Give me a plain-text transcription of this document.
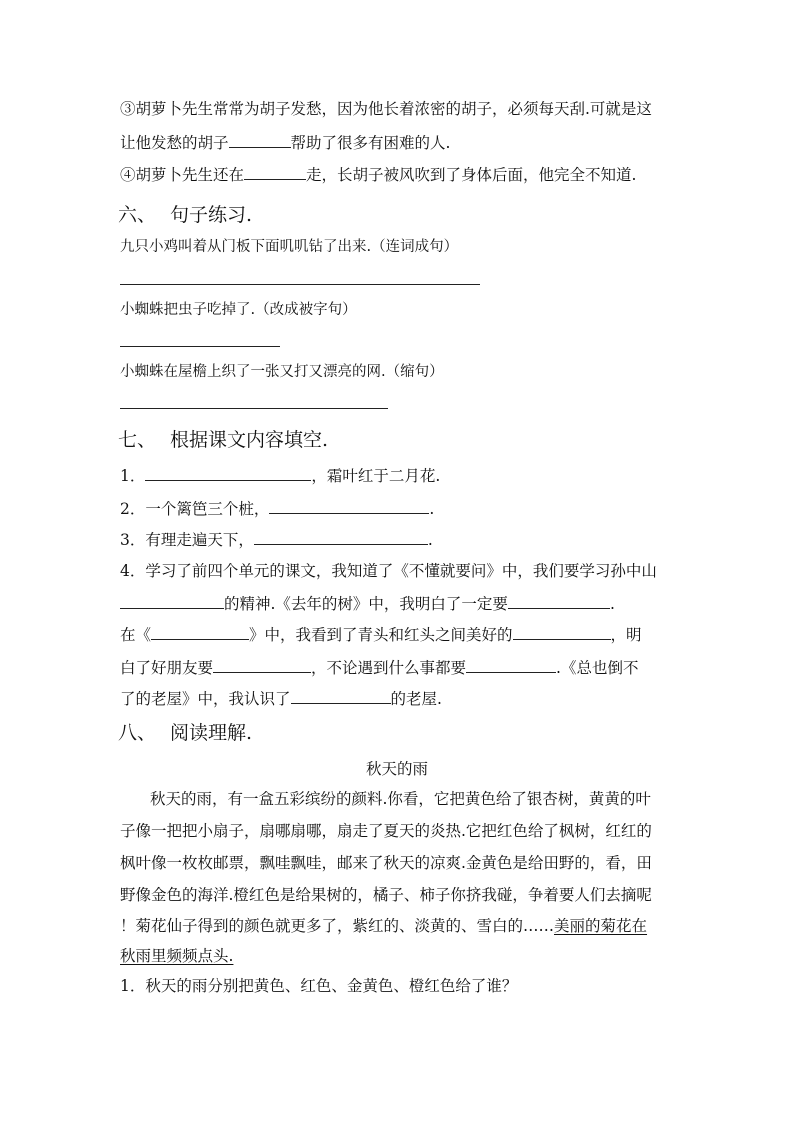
③胡萝卜先生常常为胡子发愁，因为他长着浓密的胡子，必须每天刮.可就是这
让他发愁的胡子	帮助了很多有困难的人.
④胡萝卜先生还在	走，长胡子被风吹到了身体后面，他完全不知道.
六、 句子练习.
九只小鸡叫着从门板下面叽叽钻了出来.（连词成句）
小蜘蛛把虫子吃掉了.（改成被字句）
小蜘蛛在屋檐上织了一张又打又漂亮的网.（缩句）
七、 根据课文内容填空.
1．	，霜叶红于二月花.
2．一个篱笆三个桩，	.
3．有理走遍天下，	.
4．学习了前四个单元的课文，我知道了《不懂就要问》中，我们要学习孙中山
的精神.《去年的树》中，我明白了一定要	.
在《	》中，我看到了青头和红头之间美好的	，明
白了好朋友要	，不论遇到什么事都要	.《总也倒不
了的老屋》中，我认识了	的老屋.
八、 阅读理解.
秋天的雨
秋天的雨，有一盒五彩缤纷的颜料.你看，它把黄色给了银杏树，黄黄的叶
子像一把把小扇子，扇哪扇哪，扇走了夏天的炎热.它把红色给了枫树，红红的
枫叶像一枚枚邮票，飘哇飘哇，邮来了秋天的凉爽.金黄色是给田野的，看，田
野像金色的海洋.橙红色是给果树的，橘子、柿子你挤我碰，争着要人们去摘呢
！菊花仙子得到的颜色就更多了，紫红的、淡黄的、雪白的……美丽的菊花在
秋雨里频频点头.
1．秋天的雨分别把黄色、红色、金黄色、橙红色给了谁？
